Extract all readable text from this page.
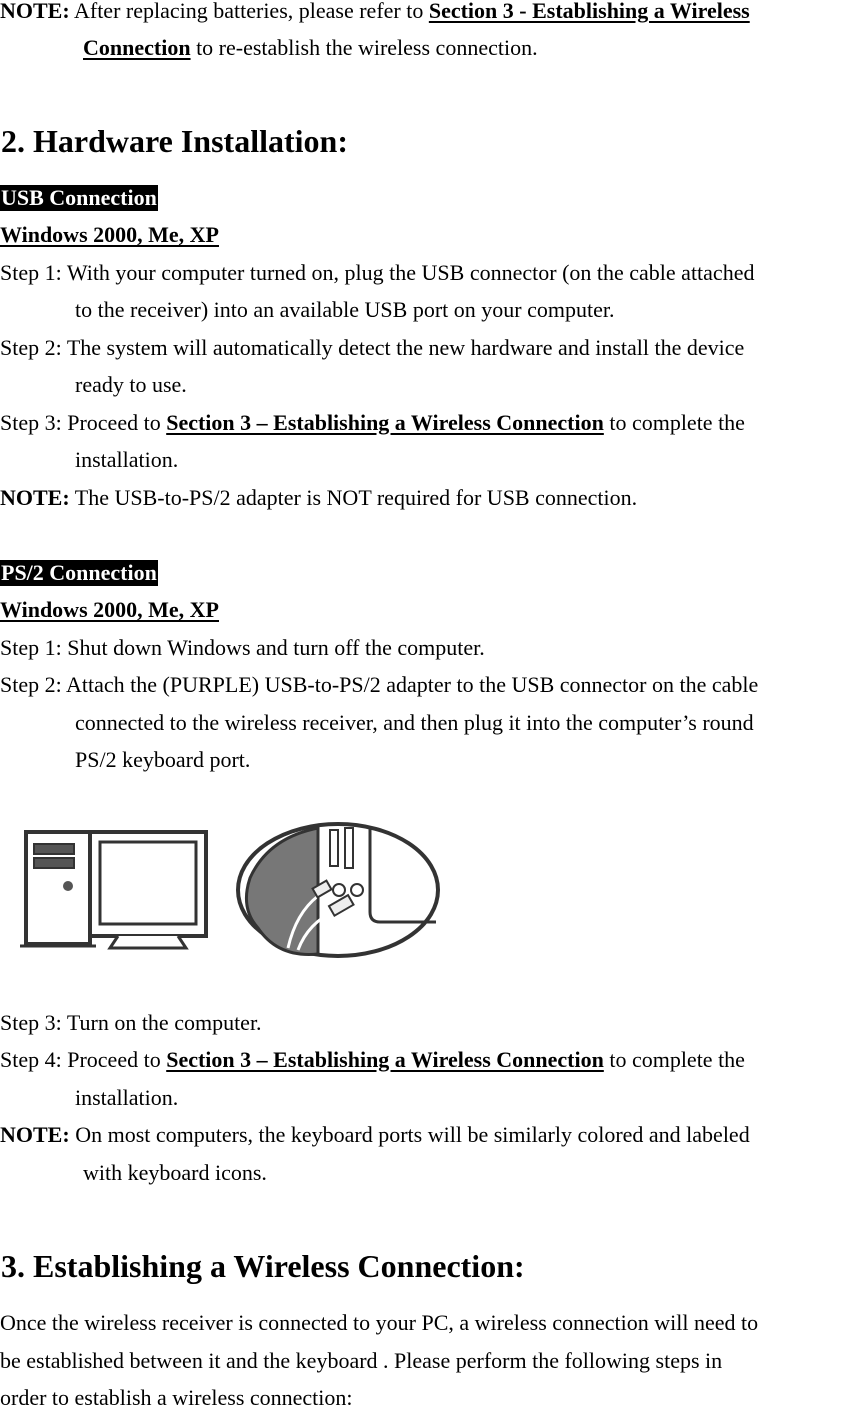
NOTE: After replacing batteries, please refer to Section 3 - Establishing a Wireless
Connection to re-establish the wireless connection.
2. Hardware Installation:
USB Connection
Windows 2000, Me, XP
Step 1: With your computer turned on, plug the USB connector (on the cable attached
to the receiver) into an available USB port on your computer.
Step 2: The system will automatically detect the new hardware and install the device
ready to use.
Step 3: Proceed to Section 3 – Establishing a Wireless Connection to complete the
installation.
NOTE: The USB-to-PS/2 adapter is NOT required for USB connection.
PS/2 Connection
Windows 2000, Me, XP
Step 1: Shut down Windows and turn off the computer.
Step 2: Attach the (PURPLE) USB-to-PS/2 adapter to the USB connector on the cable
connected to the wireless receiver, and then plug it into the computer’s round
PS/2 keyboard port.
Step 3: Turn on the computer.
Step 4: Proceed to Section 3 – Establishing a Wireless Connection to complete the
installation.
NOTE: On most computers, the keyboard ports will be similarly colored and labeled
with keyboard icons.
3. Establishing a Wireless Connection:
Once the wireless receiver is connected to your PC, a wireless connection will need to
be established between it and the keyboard . Please perform the following steps in
order to establish a wireless connection:
